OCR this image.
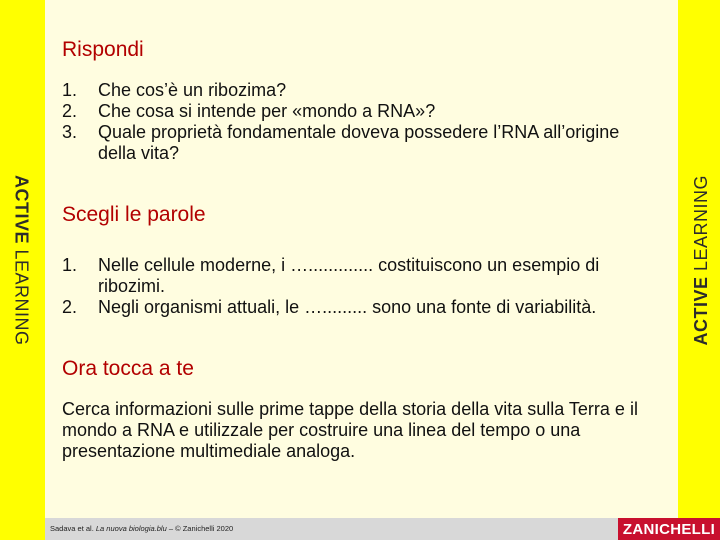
ACTIVE LEARNING	ACTIVE LEARNING
Rispondi
1. Che cos’è un ribozima?
2. Che cosa si intende per «mondo a RNA»?
3. Quale proprietà fondamentale doveva possedere l’RNA all’origine della vita?
Scegli le parole
1. Nelle cellule moderne, i …............. costituiscono un esempio di ribozimi.
2. Negli organismi attuali, le …......... sono una fonte di variabilità.
Ora tocca a te

Cerca informazioni sulle prime tappe della storia della vita sulla Terra e il mondo a RNA e utilizzale per costruire una linea del tempo o una presentazione multimediale analoga.

Sadava et al. La nuova biologia.blu – © Zanichelli 2020	ZANICHELLI
